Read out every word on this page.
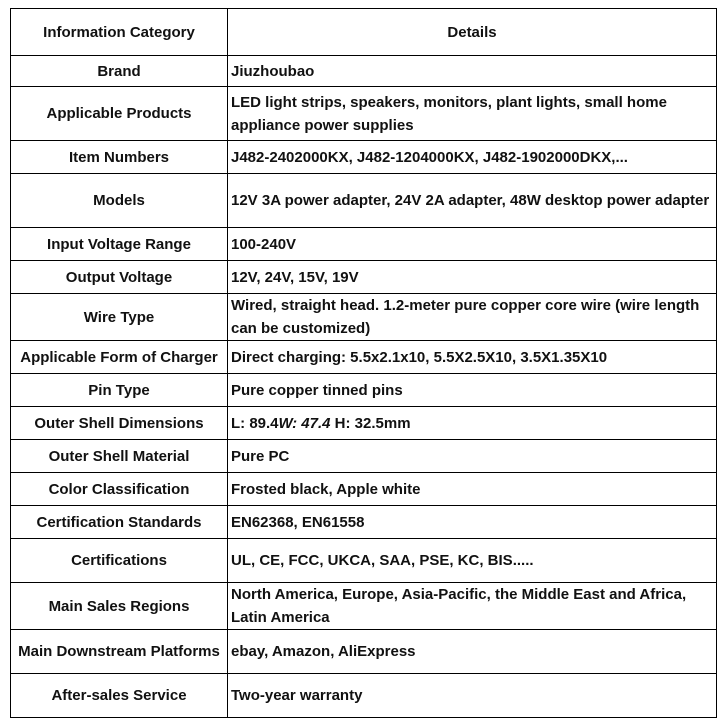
Information Category	Details
Brand	Jiuzhoubao
Applicable Products	LED light strips, speakers, monitors, plant lights, small home appliance power supplies
Item Numbers	J482-2402000KX, J482-1204000KX, J482-1902000DKX,...
Models	12V 3A power adapter, 24V 2A adapter, 48W desktop power adapter
Input Voltage Range	100-240V
Output Voltage	12V, 24V, 15V, 19V
Wire Type	Wired, straight head. 1.2-meter pure copper core wire (wire length can be customized)
Applicable Form of Charger	Direct charging: 5.5x2.1x10, 5.5X2.5X10, 3.5X1.35X10
Pin Type	Pure copper tinned pins
Outer Shell Dimensions	L: 89.4W: 47.4 H: 32.5mm
Outer Shell Material	Pure PC
Color Classification	Frosted black, Apple white
Certification Standards	EN62368, EN61558
Certifications	UL, CE, FCC, UKCA, SAA, PSE, KC, BIS.....
Main Sales Regions	North America, Europe, Asia-Pacific, the Middle East and Africa, Latin America
Main Downstream Platforms	ebay, Amazon, AliExpress
After-sales Service	Two-year warranty
